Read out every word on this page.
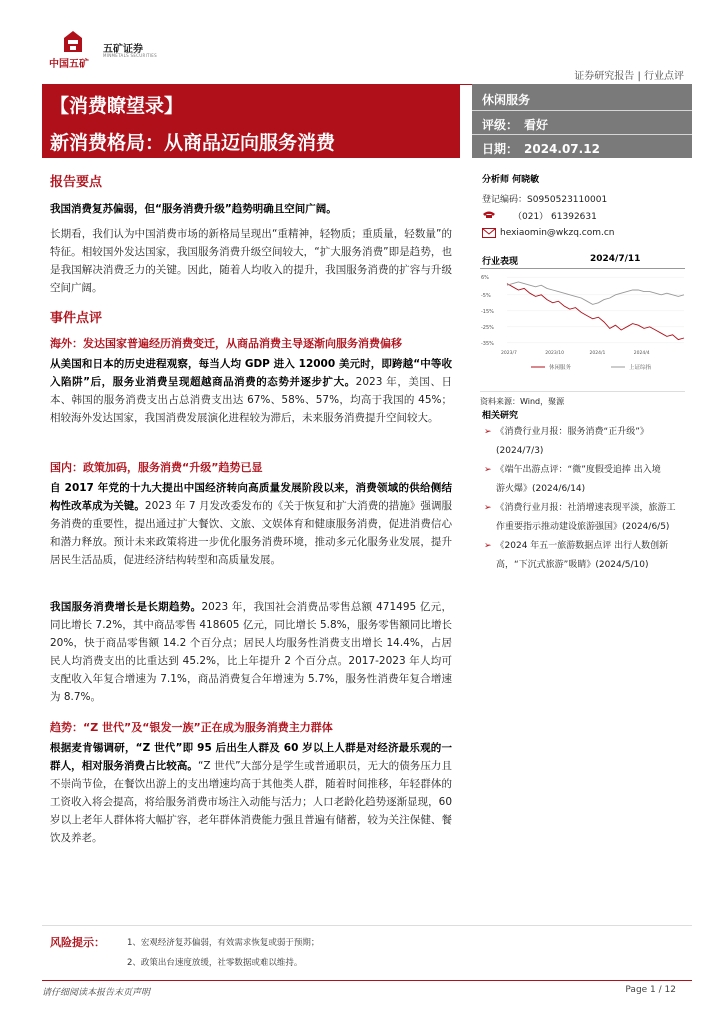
中国五矿
五矿证券
MINMETALS SECURITIES
证券研究报告 | 行业点评
【消费瞭望录】
新消费格局：从商品迈向服务消费
休闲服务
评级： 看好
日期： 2024.07.12
分析师 何晓敏
登记编码：S0950523110001
（021） 61392631
hexiaomin@wkzq.com.cn
行业表现	2024/7/11
6%
-5%
-15%
-25%
-35%
2023/7	2023/10	2024/1	2024/4
休闲服务	上证综指
资料来源：Wind，聚源
相关研究
➢ 《消费行业月报：服务消费“正升级”》
(2024/7/3)
➢ 《端午出游点评：“微”度假受追捧 出入境
游火爆》(2024/6/14)
➢ 《消费行业月报：社消增速表现平淡，旅游工
作重要指示推动建设旅游强国》(2024/6/5)
➢ 《2024 年五一旅游数据点评 出行人数创新
高，“下沉式旅游”吸睛》(2024/5/10)
报告要点
我国消费复苏偏弱，但“服务消费升级”趋势明确且空间广阔。
长期看，我们认为中国消费市场的新格局呈现出“重精神，轻物质；重质量，轻数量”的特征。相较国外发达国家，我国服务消费升级空间较大，“扩大服务消费”即是趋势，也是我国解决消费乏力的关键。因此，随着人均收入的提升，我国服务消费的扩容与升级空间广阔。
事件点评
海外：发达国家普遍经历消费变迁，从商品消费主导逐渐向服务消费偏移
从美国和日本的历史进程观察，每当人均 GDP 进入 12000 美元时，即跨越“中等收入陷阱”后，服务业消费呈现超越商品消费的态势并逐步扩大。2023 年，美国、日本、韩国的服务消费支出占总消费支出达 67%、58%、57%，均高于我国的 45%；相较海外发达国家，我国消费发展演化进程较为滞后，未来服务消费提升空间较大。
国内：政策加码，服务消费“升级”趋势已显
自 2017 年党的十九大提出中国经济转向高质量发展阶段以来，消费领域的供给侧结构性改革成为关键。2023 年 7 月发改委发布的《关于恢复和扩大消费的措施》强调服务消费的重要性，提出通过扩大餐饮、文旅、文娱体育和健康服务消费，促进消费信心和潜力释放。预计未来政策将进一步优化服务消费环境，推动多元化服务业发展，提升居民生活品质，促进经济结构转型和高质量发展。
我国服务消费增长是长期趋势。2023 年，我国社会消费品零售总额 471495 亿元，同比增长 7.2%，其中商品零售 418605 亿元，同比增长 5.8%，服务零售额同比增长 20%，快于商品零售额 14.2 个百分点；居民人均服务性消费支出增长 14.4%，占居民人均消费支出的比重达到 45.2%，比上年提升 2 个百分点。2017-2023 年人均可支配收入年复合增速为 7.1%，商品消费复合年增速为 5.7%，服务性消费年复合增速为 8.7%。
趋势：“Z 世代”及“银发一族”正在成为服务消费主力群体
根据麦肯锡调研，“Z 世代”即 95 后出生人群及 60 岁以上人群是对经济最乐观的一群人，相对服务消费占比较高。“Z 世代”大部分是学生或普通职员，无大的债务压力且不崇尚节俭，在餐饮出游上的支出增速均高于其他类人群，随着时间推移，年轻群体的工资收入将会提高，将给服务消费市场注入动能与活力；人口老龄化趋势逐渐显现，60 岁以上老年人群体将大幅扩容，老年群体消费能力强且普遍有储蓄，较为关注保健、餐饮及养老。
风险提示：	1、宏观经济复苏偏弱，有效需求恢复或弱于预期；
2、政策出台速度放缓，社零数据或难以维持。
请仔细阅读本报告末页声明	Page 1 / 12
